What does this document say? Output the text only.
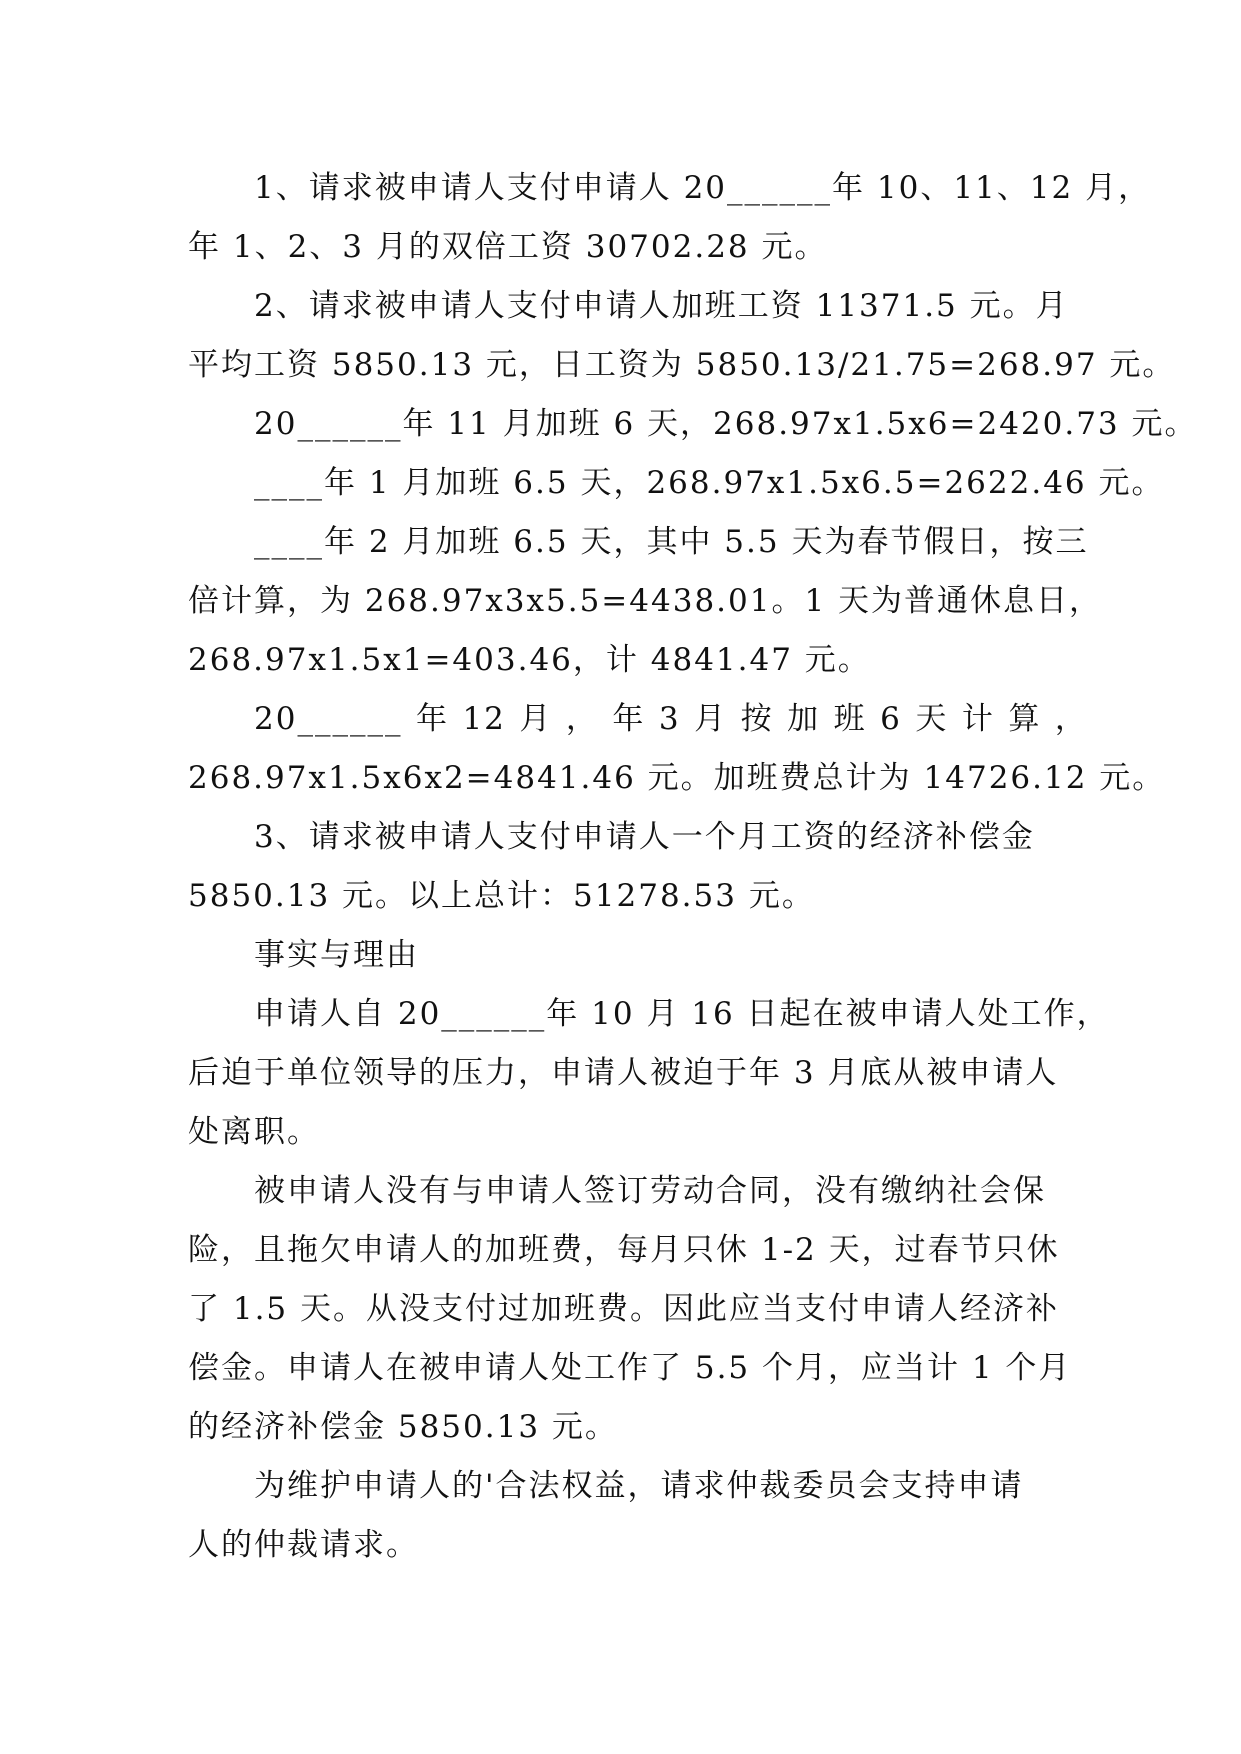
1、请求被申请人支付申请人 20______年 10、11、12 月，
年 1、2、3 月的双倍工资 30702.28 元。
2、请求被申请人支付申请人加班工资 11371.5 元。月
平均工资 5850.13 元，日工资为 5850.13/21.75=268.97 元。
20______年 11 月加班 6 天，268.97x1.5x6=2420.73 元。
____年 1 月加班 6.5 天，268.97x1.5x6.5=2622.46 元。
____年 2 月加班 6.5 天，其中 5.5 天为春节假日，按三
倍计算，为 268.97x3x5.5=4438.01。1 天为普通休息日，
268.97x1.5x1=403.46，计 4841.47 元。
20______ 年 12 月 ， 年 3 月 按 加 班 6 天 计 算 ，
268.97x1.5x6x2=4841.46 元。加班费总计为 14726.12 元。
3、请求被申请人支付申请人一个月工资的经济补偿金
5850.13 元。以上总计：51278.53 元。
事实与理由
申请人自 20______年 10 月 16 日起在被申请人处工作，
后迫于单位领导的压力，申请人被迫于年 3 月底从被申请人
处离职。
被申请人没有与申请人签订劳动合同，没有缴纳社会保
险，且拖欠申请人的加班费，每月只休 1-2 天，过春节只休
了 1.5 天。从没支付过加班费。因此应当支付申请人经济补
偿金。申请人在被申请人处工作了 5.5 个月，应当计 1 个月
的经济补偿金 5850.13 元。
为维护申请人的'合法权益，请求仲裁委员会支持申请
人的仲裁请求。
